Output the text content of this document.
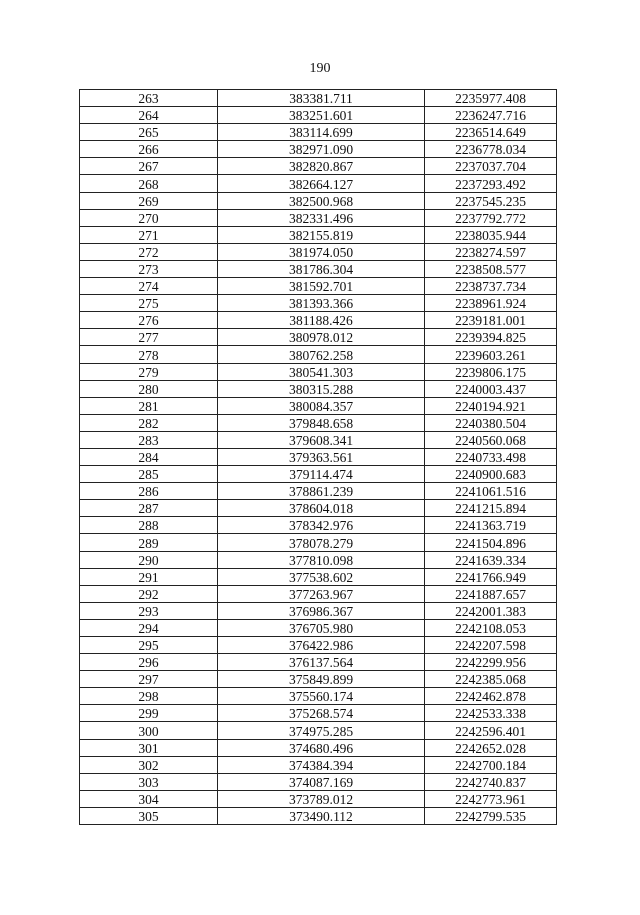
190
263	383381.711	2235977.408
264	383251.601	2236247.716
265	383114.699	2236514.649
266	382971.090	2236778.034
267	382820.867	2237037.704
268	382664.127	2237293.492
269	382500.968	2237545.235
270	382331.496	2237792.772
271	382155.819	2238035.944
272	381974.050	2238274.597
273	381786.304	2238508.577
274	381592.701	2238737.734
275	381393.366	2238961.924
276	381188.426	2239181.001
277	380978.012	2239394.825
278	380762.258	2239603.261
279	380541.303	2239806.175
280	380315.288	2240003.437
281	380084.357	2240194.921
282	379848.658	2240380.504
283	379608.341	2240560.068
284	379363.561	2240733.498
285	379114.474	2240900.683
286	378861.239	2241061.516
287	378604.018	2241215.894
288	378342.976	2241363.719
289	378078.279	2241504.896
290	377810.098	2241639.334
291	377538.602	2241766.949
292	377263.967	2241887.657
293	376986.367	2242001.383
294	376705.980	2242108.053
295	376422.986	2242207.598
296	376137.564	2242299.956
297	375849.899	2242385.068
298	375560.174	2242462.878
299	375268.574	2242533.338
300	374975.285	2242596.401
301	374680.496	2242652.028
302	374384.394	2242700.184
303	374087.169	2242740.837
304	373789.012	2242773.961
305	373490.112	2242799.535
